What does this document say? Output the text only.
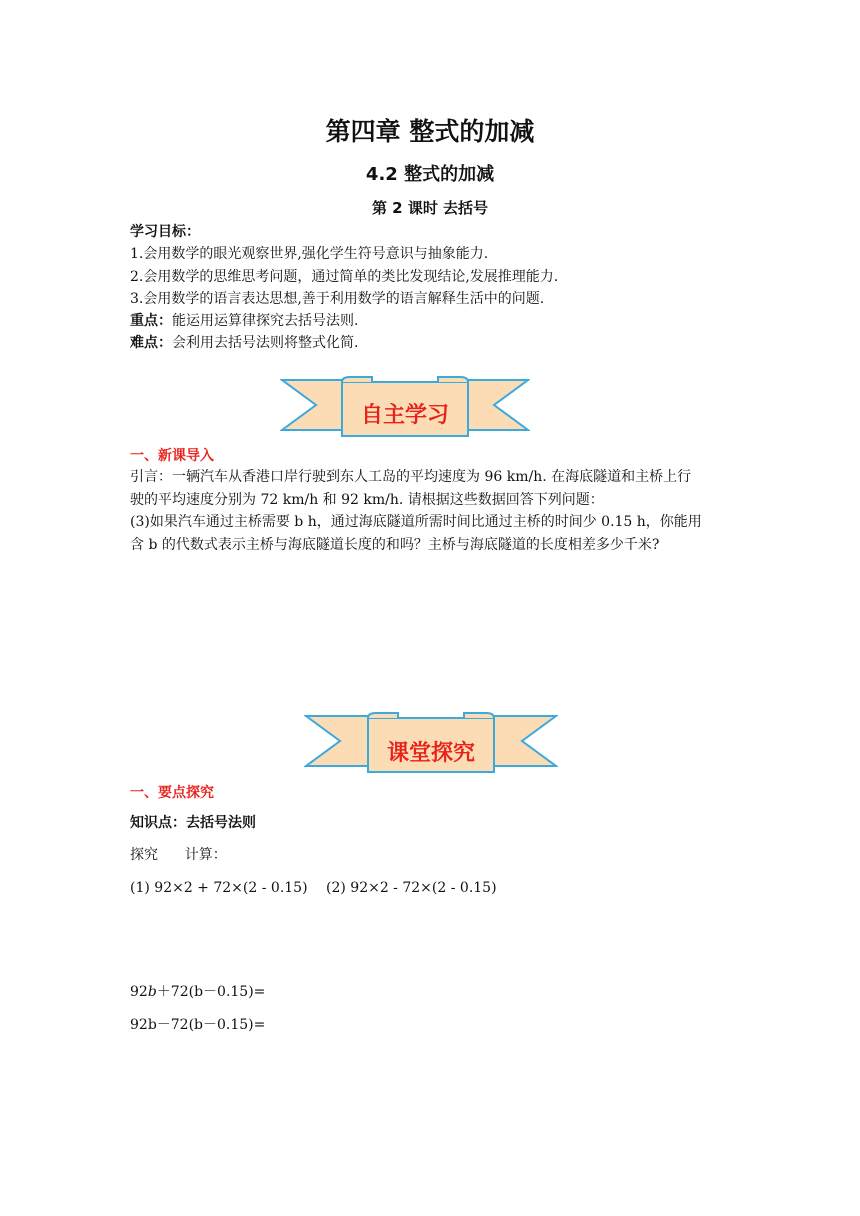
第四章 整式的加减
4.2 整式的加减
第 2 课时 去括号
学习目标：
1.会用数学的眼光观察世界,强化学生符号意识与抽象能力.
2.会用数学的思维思考问题，通过简单的类比发现结论,发展推理能力.
3.会用数学的语言表达思想,善于利用数学的语言解释生活中的问题.
重点：能运用运算律探究去括号法则.
难点：会利用去括号法则将整式化简.
自主学习
一、新课导入
引言：一辆汽车从香港口岸行驶到东人工岛的平均速度为 96 km/h. 在海底隧道和主桥上行
驶的平均速度分别为 72 km/h 和 92 km/h. 请根据这些数据回答下列问题：
(3)如果汽车通过主桥需要 b h，通过海底隧道所需时间比通过主桥的时间少 0.15 h，你能用
含 b 的代数式表示主桥与海底隧道长度的和吗？主桥与海底隧道的长度相差多少千米?
课堂探究
一、要点探究
知识点：去括号法则
探究      计算：
(1) 92×2 + 72×(2 - 0.15) (2) 92×2 - 72×(2 - 0.15)
92b＋72(b－0.15)=
92b－72(b－0.15)=
